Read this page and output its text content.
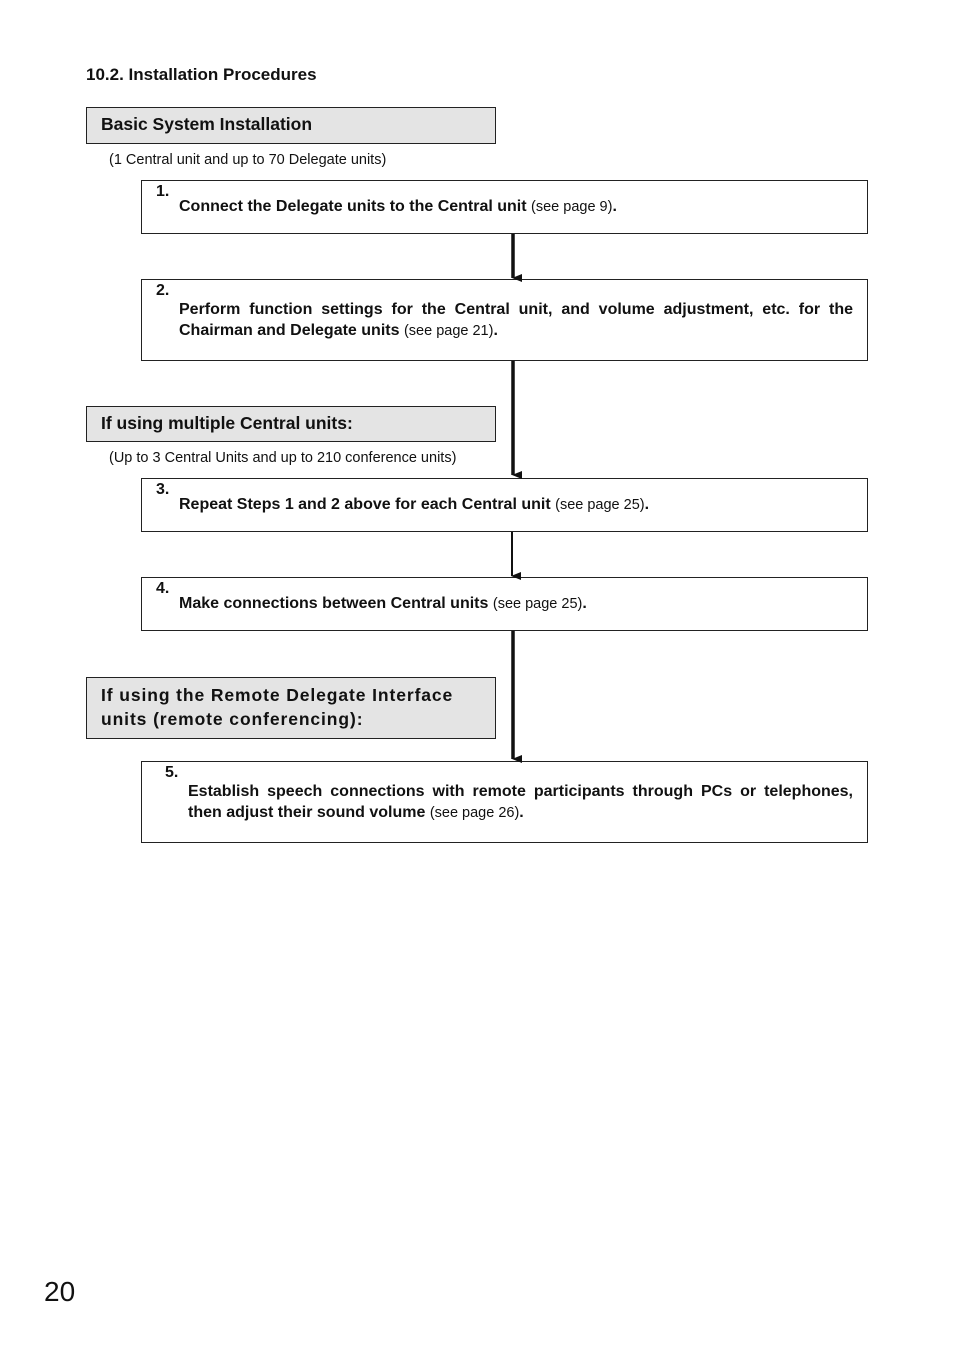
10.2. Installation Procedures
Basic System Installation
(1 Central unit and up to 70 Delegate units)
1.
Connect the Delegate units to the Central unit (see page 9).
2.
Perform function settings for the Central unit, and volume adjustment, etc. for the Chairman and Delegate units (see page 21).
If using multiple Central units:
(Up to 3 Central Units and up to 210 conference units)
3.
Repeat Steps 1 and 2 above for each Central unit (see page 25).
4.
Make connections between Central units (see page 25).
If using the Remote Delegate Interface
units (remote conferencing):
5.
Establish speech connections with remote participants through PCs or telephones, then adjust their sound volume (see page 26).
20
